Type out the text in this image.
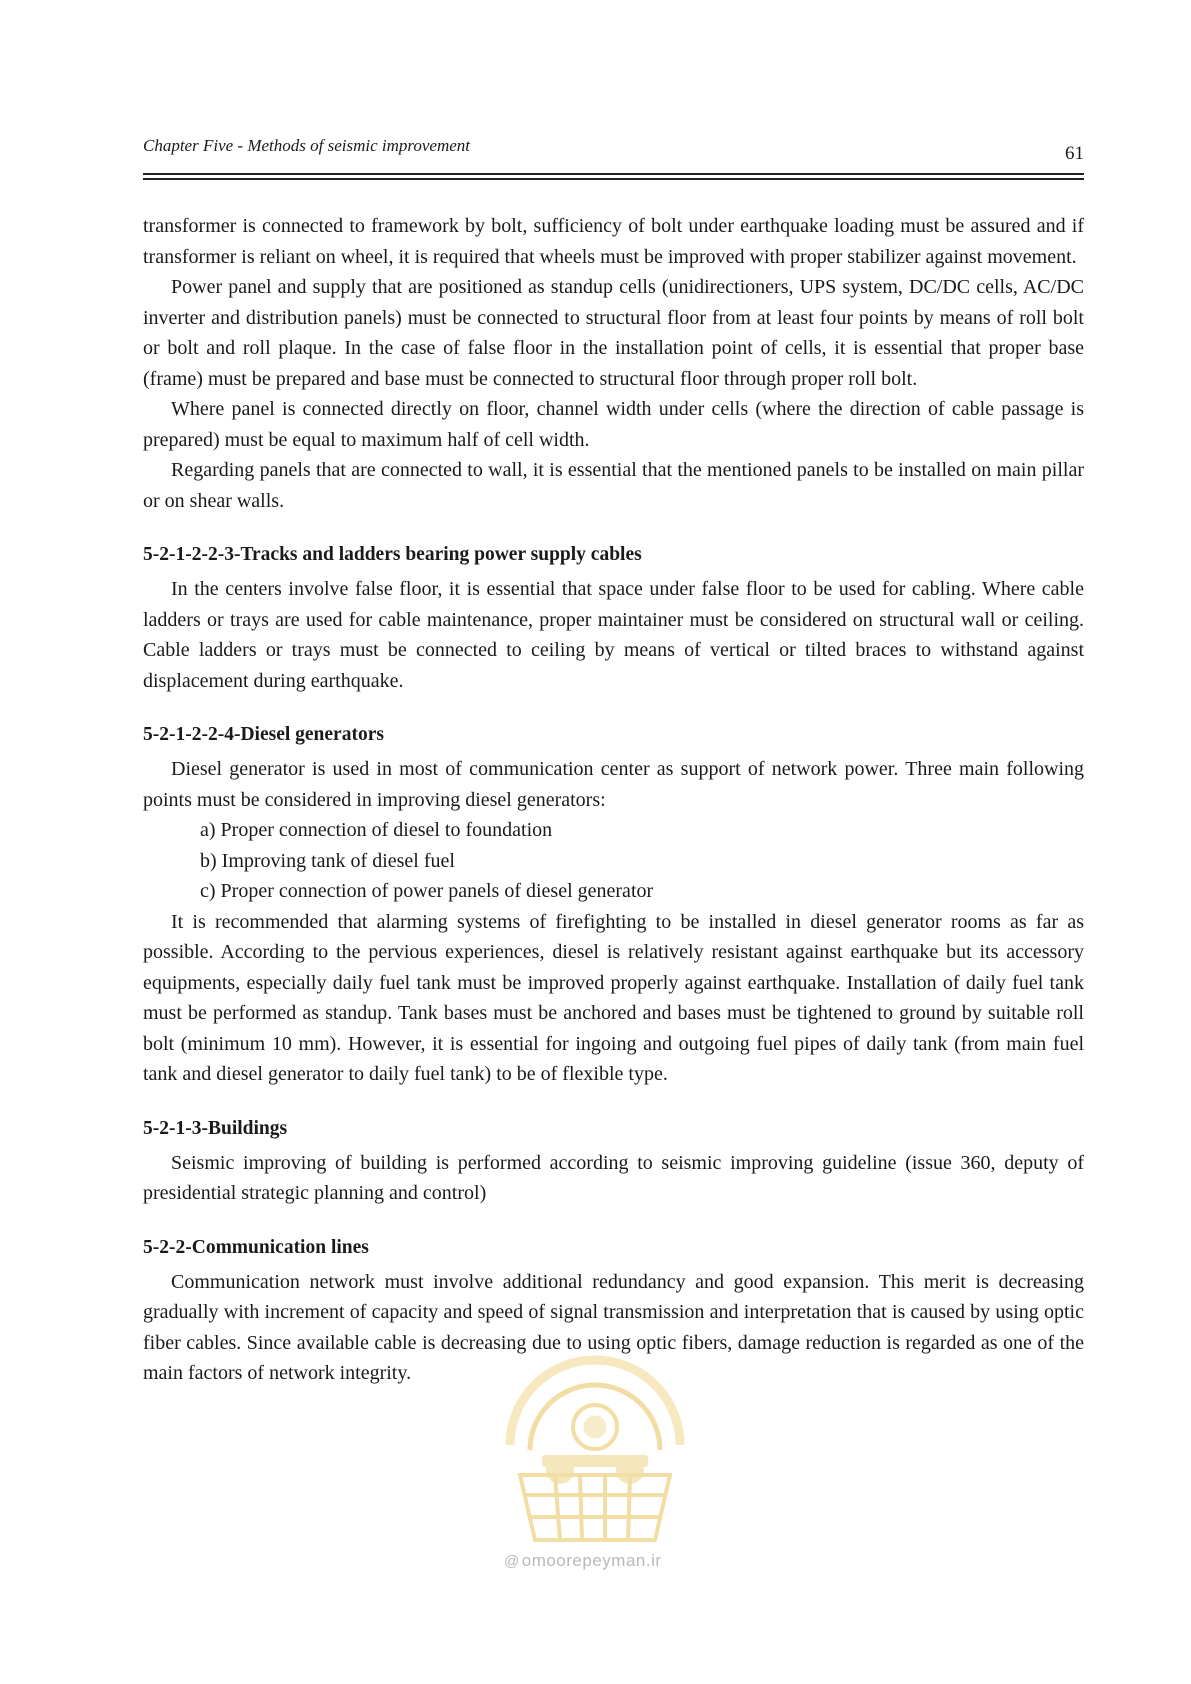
Chapter Five - Methods of seismic improvement	61

transformer is connected to framework by bolt, sufficiency of bolt under earthquake loading must be assured and if transformer is reliant on wheel, it is required that wheels must be improved with proper stabilizer against movement.

Power panel and supply that are positioned as standup cells (unidirectioners, UPS system, DC/DC cells, AC/DC inverter and distribution panels) must be connected to structural floor from at least four points by means of roll bolt or bolt and roll plaque. In the case of false floor in the installation point of cells, it is essential that proper base (frame) must be prepared and base must be connected to structural floor through proper roll bolt.

Where panel is connected directly on floor, channel width under cells (where the direction of cable passage is prepared) must be equal to maximum half of cell width.

Regarding panels that are connected to wall, it is essential that the mentioned panels to be installed on main pillar or on shear walls.

5-2-1-2-2-3-Tracks and ladders bearing power supply cables

In the centers involve false floor, it is essential that space under false floor to be used for cabling. Where cable ladders or trays are used for cable maintenance, proper maintainer must be considered on structural wall or ceiling. Cable ladders or trays must be connected to ceiling by means of vertical or tilted braces to withstand against displacement during earthquake.

5-2-1-2-2-4-Diesel generators

Diesel generator is used in most of communication center as support of network power. Three main following points must be considered in improving diesel generators:

a) Proper connection of diesel to foundation

b) Improving tank of diesel fuel

c) Proper connection of power panels of diesel generator

It is recommended that alarming systems of firefighting to be installed in diesel generator rooms as far as possible. According to the pervious experiences, diesel is relatively resistant against earthquake but its accessory equipments, especially daily fuel tank must be improved properly against earthquake. Installation of daily fuel tank must be performed as standup. Tank bases must be anchored and bases must be tightened to ground by suitable roll bolt (minimum 10 mm). However, it is essential for ingoing and outgoing fuel pipes of daily tank (from main fuel tank and diesel generator to daily fuel tank) to be of flexible type.

5-2-1-3-Buildings

Seismic improving of building is performed according to seismic improving guideline (issue 360, deputy of presidential strategic planning and control)

5-2-2-Communication lines

Communication network must involve additional redundancy and good expansion. This merit is decreasing gradually with increment of capacity and speed of signal transmission and interpretation that is caused by using optic fiber cables. Since available cable is decreasing due to using optic fibers, damage reduction is regarded as one of the main factors of network integrity.

@ omoorepeyman.ir
